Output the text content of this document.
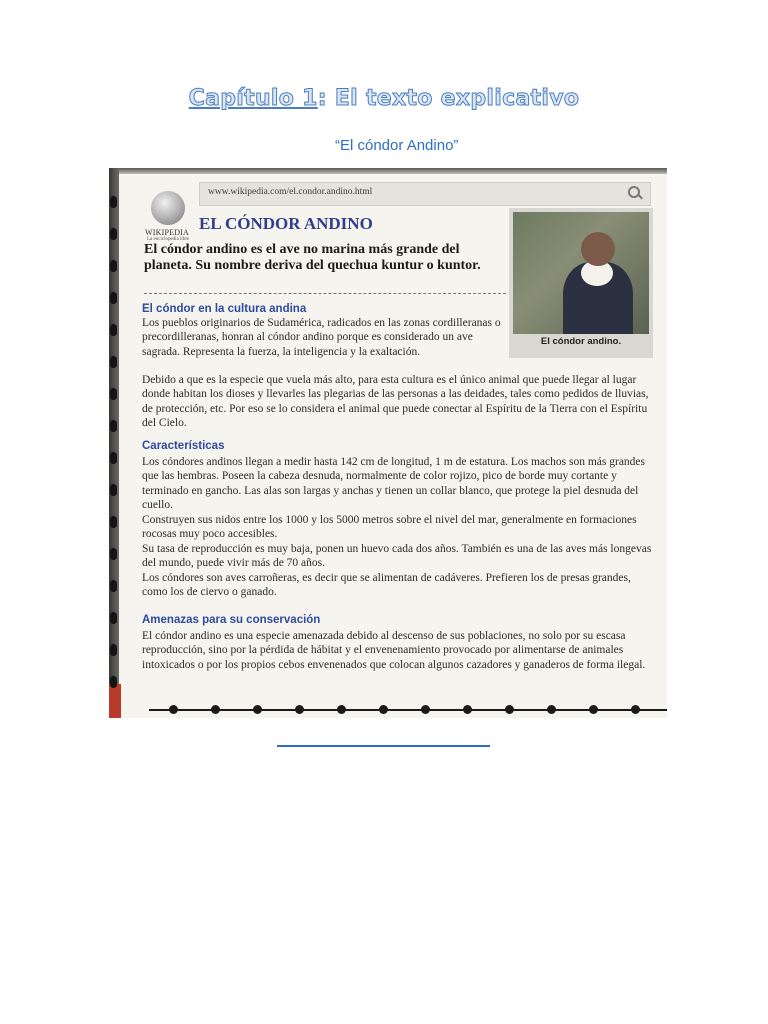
Capítulo 1: El texto explicativo
“El cóndor Andino”
www.wikipedia.com/el.condor.andino.html
WIKIPEDIA
La enciclopedia libre
EL CÓNDOR ANDINO
El cóndor andino es el ave no marina más grande del planeta. Su nombre deriva del quechua kuntur o kuntor.
El cóndor andino.
El cóndor en la cultura andina
Los pueblos originarios de Sudamérica, radicados en las zonas cordilleranas o precordilleranas, honran al cóndor andino porque es considerado un ave sagrada. Representa la fuerza, la inteligencia y la exaltación.
Debido a que es la especie que vuela más alto, para esta cultura es el único animal que puede llegar al lugar donde habitan los dioses y llevarles las plegarias de las personas a las deidades, tales como pedidos de lluvias, de protección, etc. Por eso se lo considera el animal que puede conectar al Espíritu de la Tierra con el Espíritu del Cielo.
Características
Los cóndores andinos llegan a medir hasta 142 cm de longitud, 1 m de estatura. Los machos son más grandes que las hembras. Poseen la cabeza desnuda, normalmente de color rojizo, pico de borde muy cortante y terminado en gancho. Las alas son largas y anchas y tienen un collar blanco, que protege la piel desnuda del cuello.
Construyen sus nidos entre los 1000 y los 5000 metros sobre el nivel del mar, generalmente en formaciones rocosas muy poco accesibles.
Su tasa de reproducción es muy baja, ponen un huevo cada dos años. También es una de las aves más longevas del mundo, puede vivir más de 70 años.
Los cóndores son aves carroñeras, es decir que se alimentan de cadáveres. Prefieren los de presas grandes, como los de ciervo o ganado.
Amenazas para su conservación
El cóndor andino es una especie amenazada debido al descenso de sus poblaciones, no solo por su escasa reproducción, sino por la pérdida de hábitat y el envenenamiento provocado por alimentarse de animales intoxicados o por los propios cebos envenenados que colocan algunos cazadores y ganaderos de forma ilegal.
